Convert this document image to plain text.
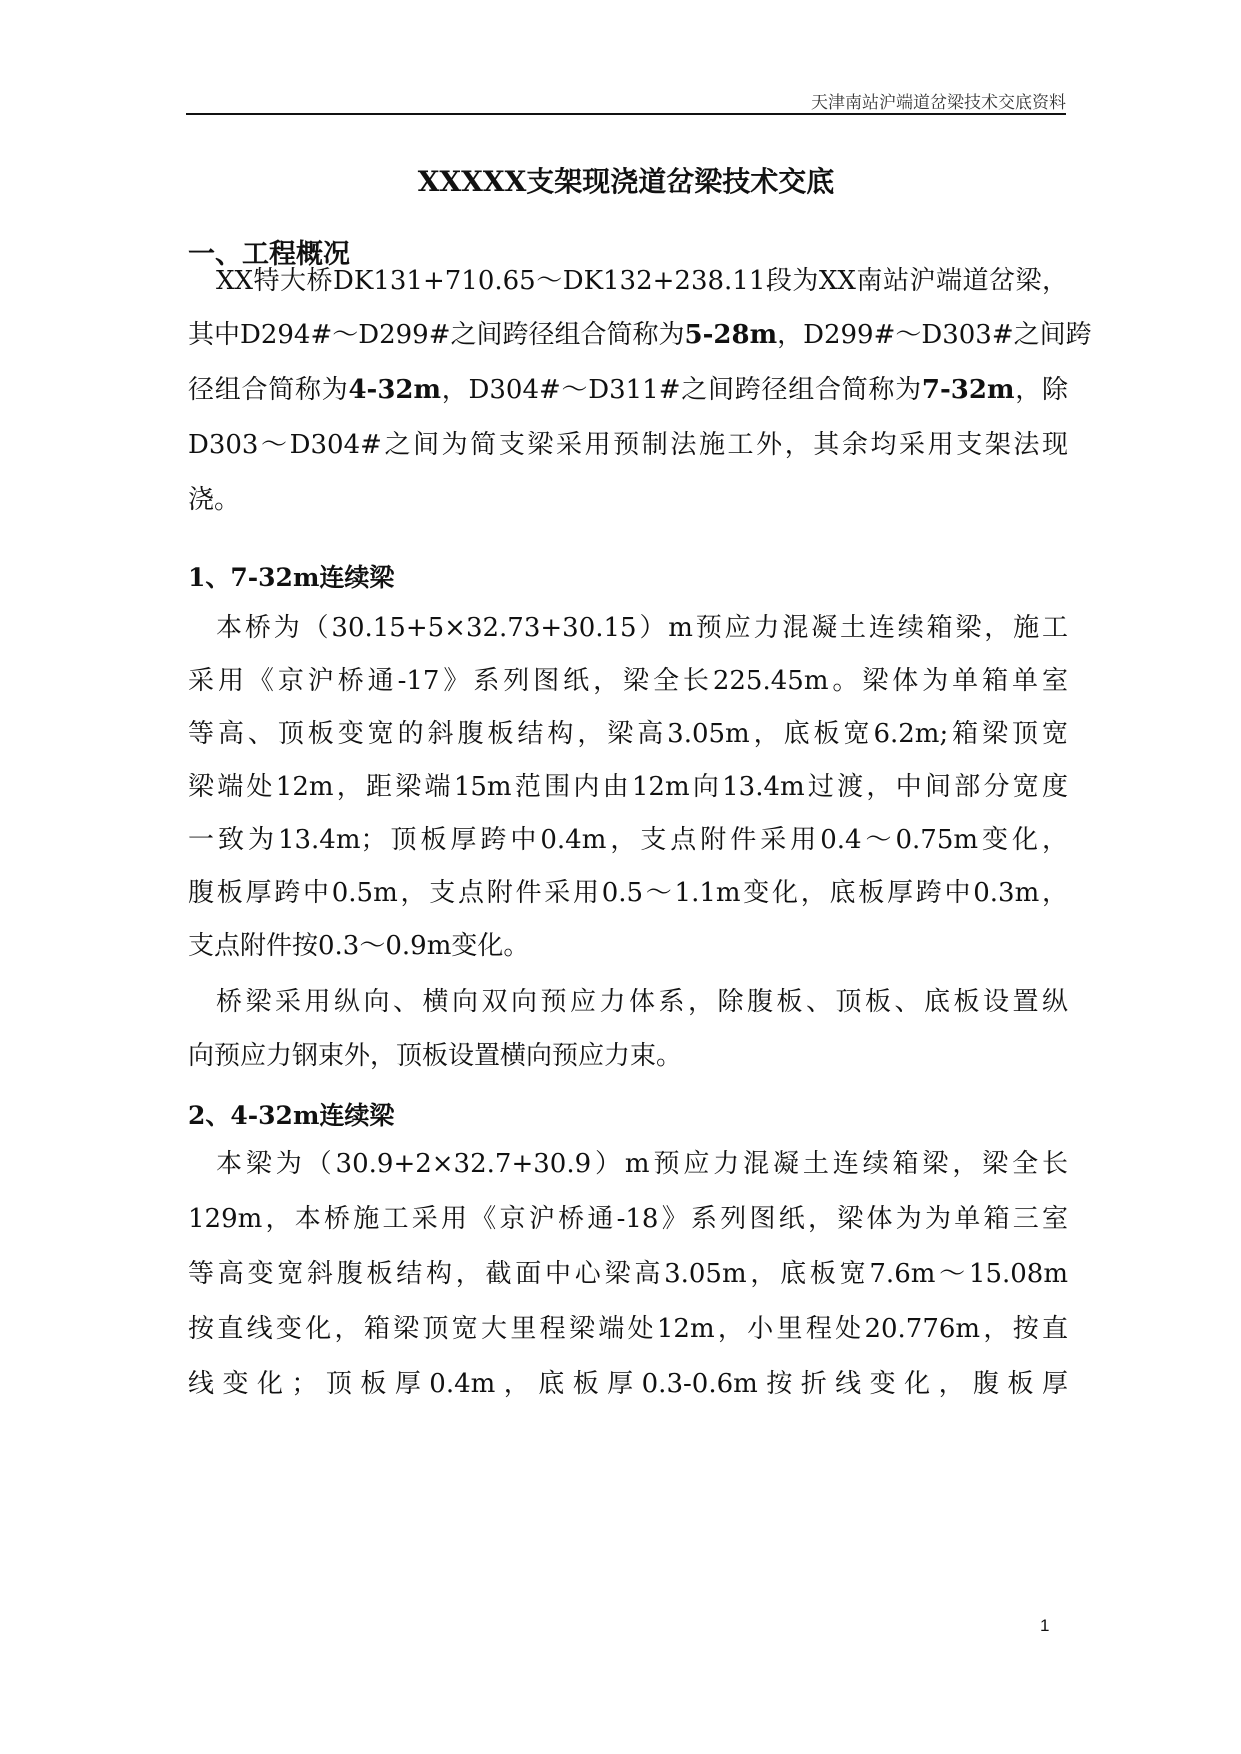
天津南站沪端道岔梁技术交底资料
XXXXX支架现浇道岔梁技术交底
一、工程概况
XX特大桥DK131+710.65～DK132+238.11段为XX南站沪端道岔梁，
其中D294#～D299#之间跨径组合简称为5-28m，D299#～D303#之间跨
径组合简称为4-32m，D304#～D311#之间跨径组合简称为7-32m，除
D303～D304#之间为简支梁采用预制法施工外，其余均采用支架法现
浇。
1、7-32m连续梁
本桥为（30.15+5×32.73+30.15）m预应力混凝土连续箱梁，施工
采用《京沪桥通-17》系列图纸，梁全长225.45m。梁体为单箱单室
等高、顶板变宽的斜腹板结构，梁高3.05m，底板宽6.2m;箱梁顶宽
梁端处12m，距梁端15m范围内由12m向13.4m过渡，中间部分宽度
一致为13.4m；顶板厚跨中0.4m，支点附件采用0.4～0.75m变化，
腹板厚跨中0.5m，支点附件采用0.5～1.1m变化，底板厚跨中0.3m，
支点附件按0.3～0.9m变化。
桥梁采用纵向、横向双向预应力体系，除腹板、顶板、底板设置纵
向预应力钢束外，顶板设置横向预应力束。
2、4-32m连续梁
本梁为（30.9+2×32.7+30.9）m预应力混凝土连续箱梁，梁全长
129m，本桥施工采用《京沪桥通-18》系列图纸，梁体为为单箱三室
等高变宽斜腹板结构，截面中心梁高3.05m，底板宽7.6m～15.08m
按直线变化，箱梁顶宽大里程梁端处12m，小里程处20.776m，按直
线变化；顶板厚0.4m，底板厚0.3-0.6m按折线变化，腹板厚
1
